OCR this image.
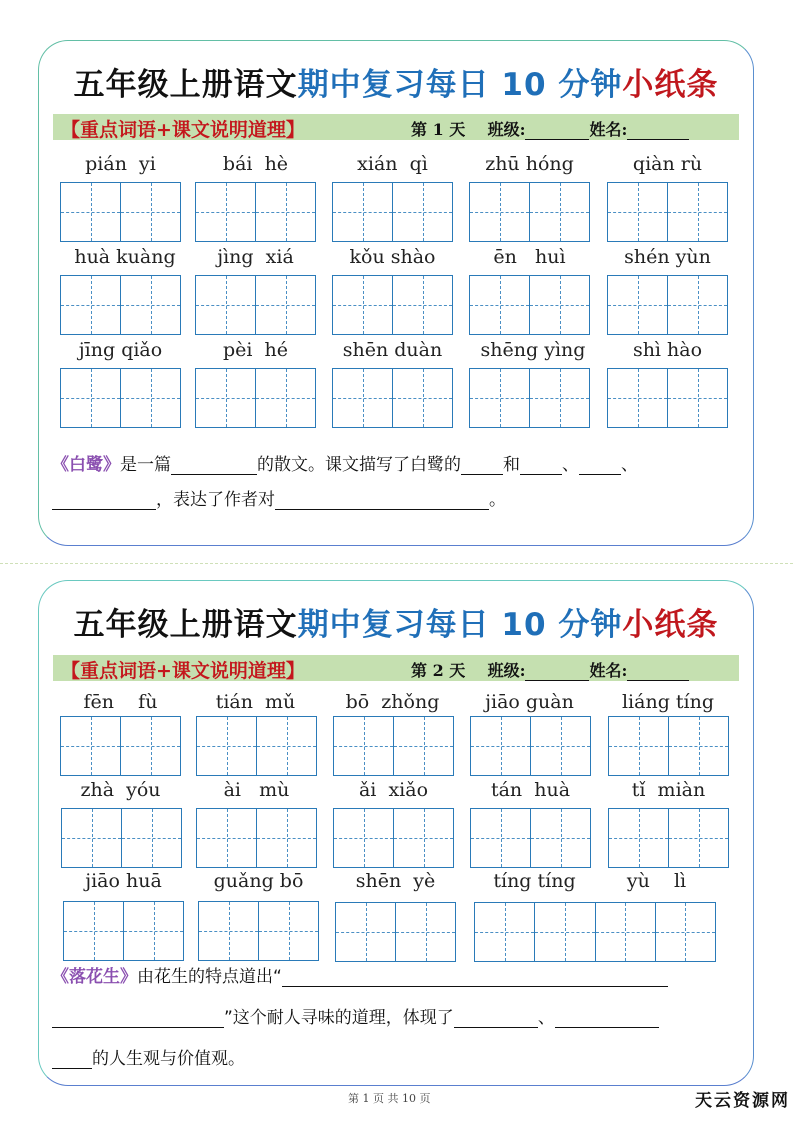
五年级上册语文期中复习每日 10 分钟小纸条
【重点词语+课文说明道理】	第 1 天 班级:	姓名:
pián  yi	bái  hè	xián  qì	zhū hóng	qiàn rù
huà kuàng	jìng  xiá	kǒu shào	ēn   huì	shén yùn
jīng qiǎo	pèi  hé	shēn duàn	shēng yìng	shì hào
《白鹭》是一篇	的散文。课文描写了白鹭的 和 、 、
，表达了作者对	。
五年级上册语文期中复习每日 10 分钟小纸条
【重点词语+课文说明道理】	第 2 天 班级:	姓名:
fēn    fù	tián  mǔ	bō  zhǒng	jiāo guàn	liáng tíng
zhà  yóu	ài   mù	ǎi  xiǎo	tán  huà	tǐ  miàn
jiāo huā	guǎng bō	shēn  yè	tíng tíng	yù    lì
《落花生》由花生的特点道出“
”这个耐人寻味的道理，体现了	、
的人生观与价值观。
第 1 页 共 10 页	天云资源网
